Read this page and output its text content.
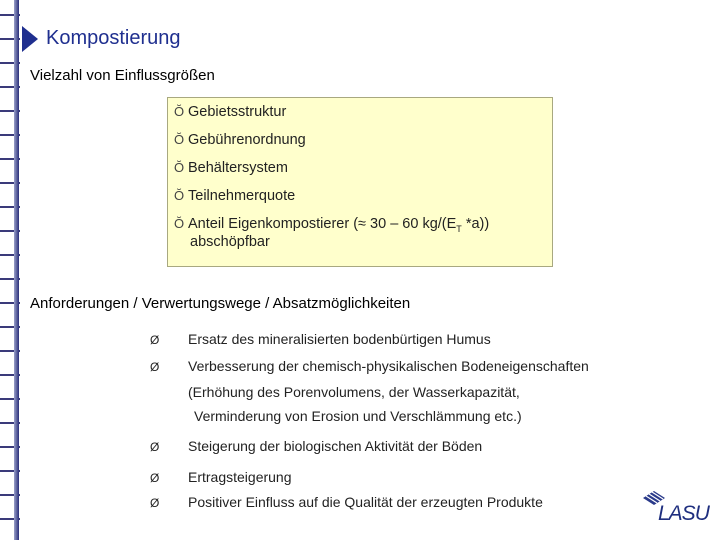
Kompostierung
Vielzahl von Einflussgrößen
Ŏ Gebietsstruktur
Ŏ Gebührenordnung
Ŏ Behältersystem
Ŏ Teilnehmerquote
Ŏ Anteil Eigenkompostierer (≈ 30 – 60 $kg/(E_T$ *a))
abschöpfbar
Anforderungen / Verwertungswege / Absatzmöglichkeiten
Ø Ersatz des mineralisierten bodenbürtigen Humus
Ø Verbesserung der chemisch-physikalischen Bodeneigenschaften
(Erhöhung des Porenvolumens, der Wasserkapazität,
Verminderung von Erosion und Verschlämmung etc.)
Ø Steigerung der biologischen Aktivität der Böden
Ø Ertragsteigerung
Ø Positiver Einfluss auf die Qualität der erzeugten Produkte	LASU
